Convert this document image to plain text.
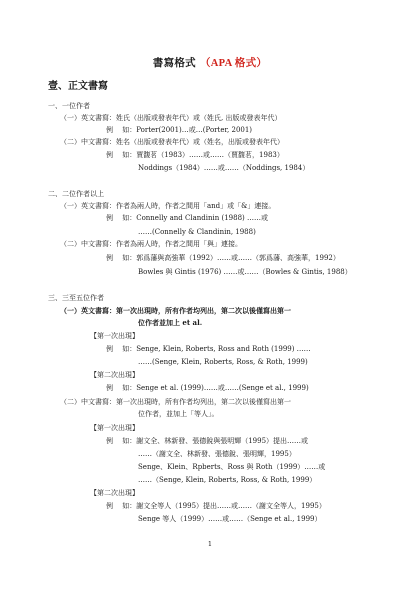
書寫格式 （APA 格式）
壹、正文書寫
一、一位作者
（一）英文書寫：姓氏（出版或發表年代）或（姓氏, 出版或發表年代）
例　 如：Porter(2001)…或…(Porter, 2001)
（二）中文書寫：姓名（出版或發表年代）或（姓名，出版或發表年代）
例　 如：賈馥茗（1983）……或……（賈馥茗，1983）
Noddings（1984）……或……（Noddings, 1984）
二、二位作者以上
（一）英文書寫：作者為兩人時，作者之間用「and」或「&」連接。
例　 如：Connelly and Clandinin (1988) ……或
……(Connelly & Clandinin, 1988)
（二）中文書寫：作者為兩人時，作者之間用「與」連接。
例　 如：郭爲藩與高強華（1992）……或……（郭爲藩、高強華，1992）
Bowles 與 Gintis (1976) ……或……（Bowles & Gintis, 1988）
三、三至五位作者
（一）英文書寫：第一次出現時，所有作者均列出，第二次以後僅寫出第一
位作者並加上 et al.
【第一次出現】
例　 如：Senge, Klein, Roberts, Ross and Roth (1999) ……
……(Senge, Klein, Roberts, Ross, & Roth, 1999)
【第二次出現】
例　 如：Senge et al. (1999)……或……(Senge et al., 1999)
（二）中文書寫：第一次出現時，所有作者均列出，第二次以後僅寫出第一
位作者，並加上「等人」。
【第一次出現】
例　 如：謝文全、林新發、張德銳與張明輝（1995）提出……或
……（謝文全、林新發、張德銳、張明輝，1995）
Senge、Klein、Rpberts、Ross 與 Roth（1999）……或
……（Senge, Klein, Roberts, Ross, & Roth, 1999）
【第二次出現】
例　 如：謝文全等人（1995）提出……或……（謝文全等人，1995）
Senge 等人（1999）……或……（Senge et al., 1999）
1
